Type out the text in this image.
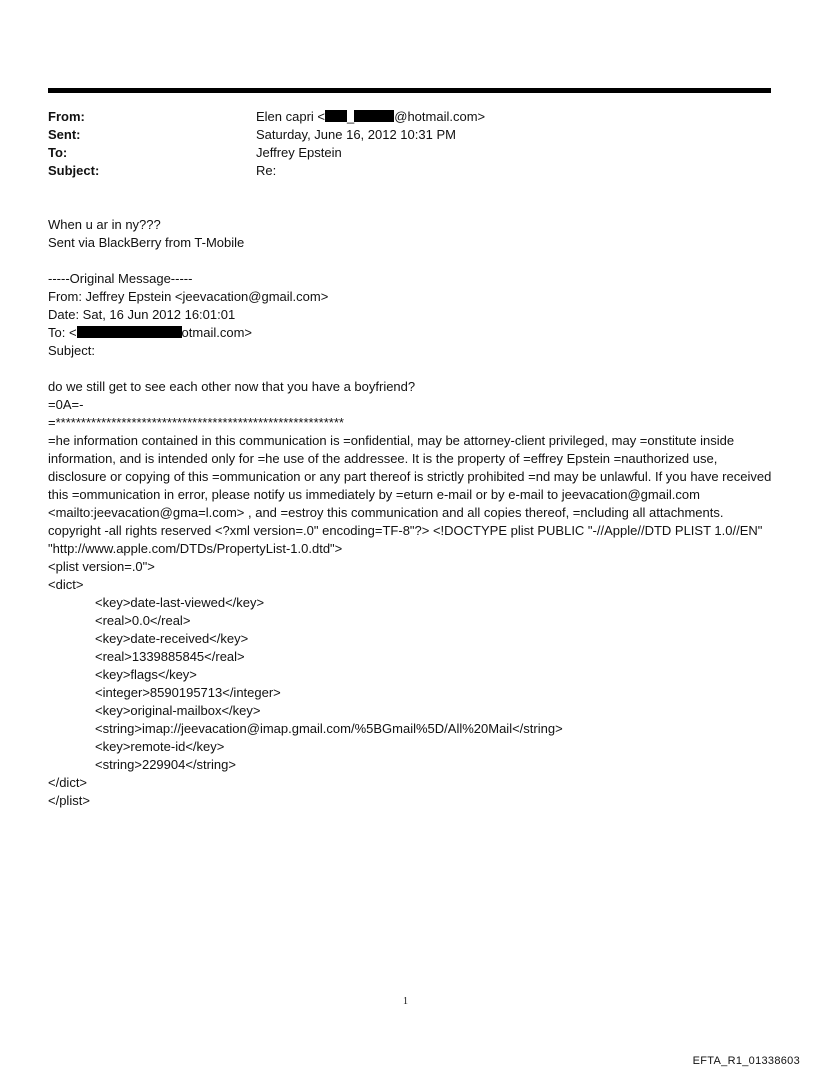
From:	Elen capri < _	@hotmail.com>
Sent:	Saturday, June 16, 2012 10:31 PM
To:	Jeffrey Epstein
Subject:	Re:

When u ar in ny???

Sent via BlackBerry from T-Mobile

-----Original Message-----

From: Jeffrey Epstein <jeevacation@gmail.com>

Date: Sat, 16 Jun 2012 16:01:01

To: <	otmail.com>

Subject:

do we still get to see each other now that you have a boyfriend?

=0A=-

=*********************************************************

=he information contained in this communication is =onfidential, may be attorney-client privileged, may =onstitute inside information, and is intended only for =he use of the addressee. It is the property of =effrey Epstein =nauthorized use, disclosure or copying of this =ommunication or any part thereof is strictly prohibited =nd may be unlawful. If you have received this =ommunication in error, please notify us immediately by =eturn e-mail or by e-mail to jeevacation@gmail.com <mailto:jeevacation@gma=l.com> , and =estroy this communication and all copies thereof, =ncluding all attachments. copyright -all rights reserved <?xml version=.0" encoding=TF-8"?> <!DOCTYPE plist PUBLIC "-//Apple//DTD PLIST 1.0//EN" "http://www.apple.com/DTDs/PropertyList-1.0.dtd">

<plist version=.0">

<dict>

<key>date-last-viewed</key>

<real>0.0</real>

<key>date-received</key>

<real>1339885845</real>

<key>flags</key>

<integer>8590195713</integer>

<key>original-mailbox</key>

<string>imap://jeevacation@imap.gmail.com/%5BGmail%5D/All%20Mail</string>

<key>remote-id</key>

<string>229904</string>

</dict>

</plist>

1
EFTA_R1_01338603
